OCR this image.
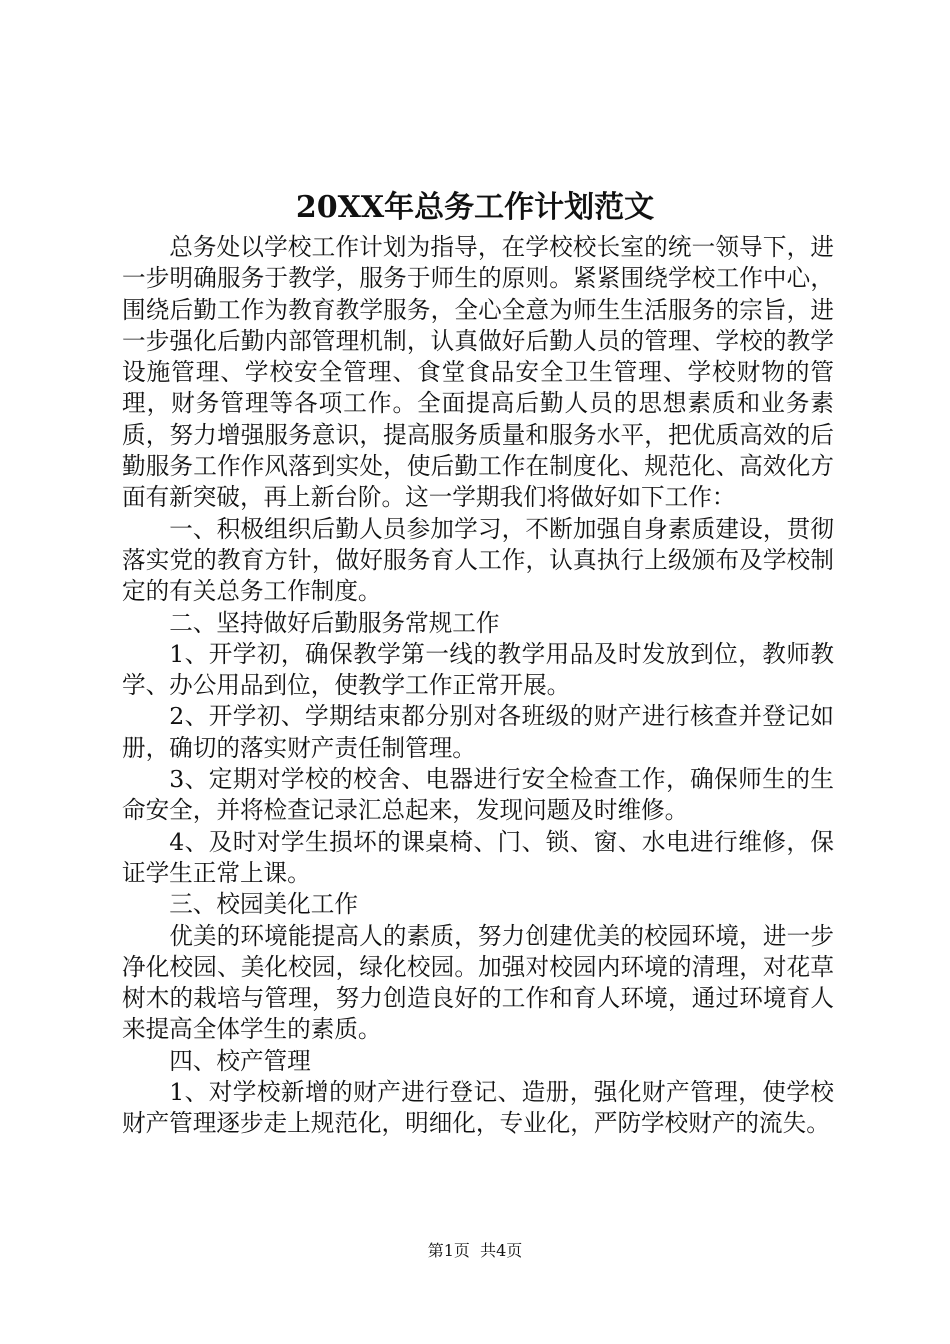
20XX年总务工作计划范文

总务处以学校工作计划为指导，在学校校长室的统一领导下，进一步明确服务于教学，服务于师生的原则。紧紧围绕学校工作中心，围绕后勤工作为教育教学服务，全心全意为师生生活服务的宗旨，进一步强化后勤内部管理机制，认真做好后勤人员的管理、学校的教学设施管理、学校安全管理、食堂食品安全卫生管理、学校财物的管理，财务管理等各项工作。全面提高后勤人员的思想素质和业务素质，努力增强服务意识，提高服务质量和服务水平，把优质高效的后勤服务工作作风落到实处，使后勤工作在制度化、规范化、高效化方面有新突破，再上新台阶。这一学期我们将做好如下工作：

一、积极组织后勤人员参加学习，不断加强自身素质建设，贯彻落实党的教育方针，做好服务育人工作，认真执行上级颁布及学校制定的有关总务工作制度。

二、坚持做好后勤服务常规工作

1、开学初，确保教学第一线的教学用品及时发放到位，教师教学、办公用品到位，使教学工作正常开展。

2、开学初、学期结束都分别对各班级的财产进行核查并登记如册，确切的落实财产责任制管理。

3、定期对学校的校舍、电器进行安全检查工作，确保师生的生命安全，并将检查记录汇总起来，发现问题及时维修。

4、及时对学生损坏的课桌椅、门、锁、窗、水电进行维修，保证学生正常上课。

三、校园美化工作

优美的环境能提高人的素质，努力创建优美的校园环境，进一步净化校园、美化校园，绿化校园。加强对校园内环境的清理，对花草树木的栽培与管理，努力创造良好的工作和育人环境，通过环境育人来提高全体学生的素质。

四、校产管理

1、对学校新增的财产进行登记、造册，强化财产管理，使学校财产管理逐步走上规范化，明细化，专业化，严防学校财产的流失。

第1页 共4页
